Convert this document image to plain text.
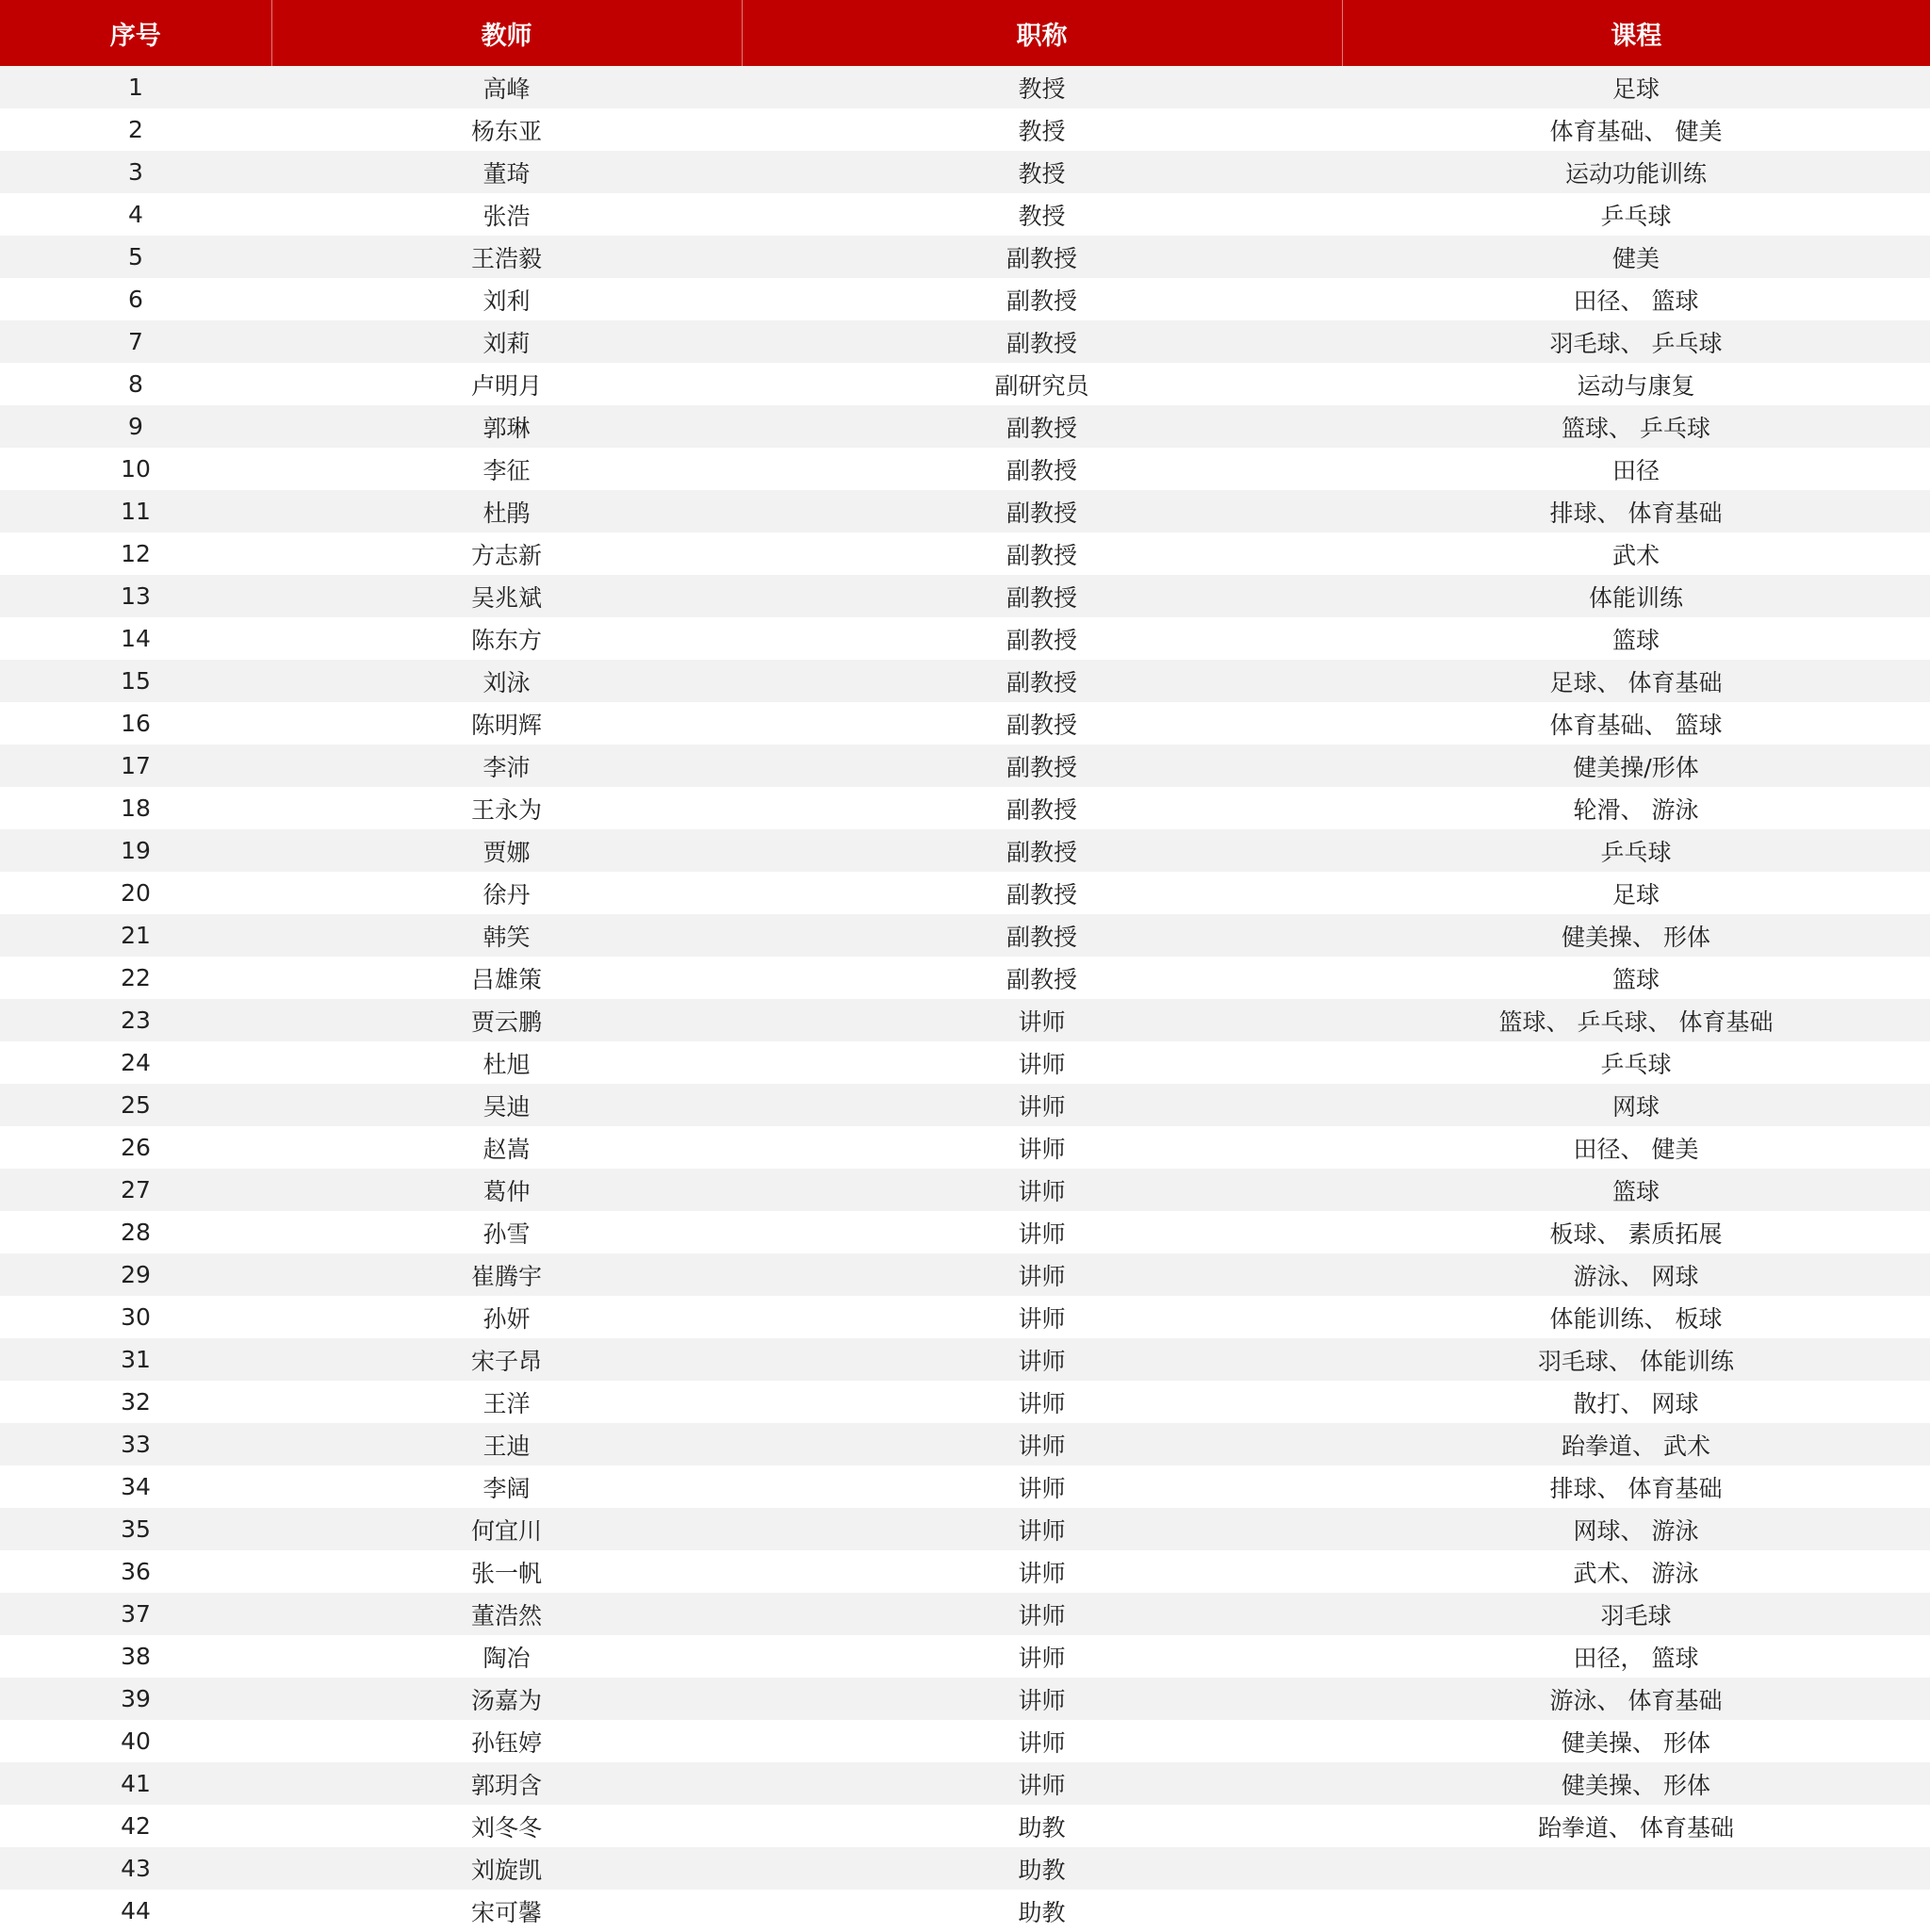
序号	教师	职称	课程
1	高峰	教授	足球
2	杨东亚	教授	体育基础、 健美
3	董琦	教授	运动功能训练
4	张浩	教授	乒乓球
5	王浩毅	副教授	健美
6	刘利	副教授	田径、 篮球
7	刘莉	副教授	羽毛球、 乒乓球
8	卢明月	副研究员	运动与康复
9	郭琳	副教授	篮球、 乒乓球
10	李征	副教授	田径
11	杜鹃	副教授	排球、 体育基础
12	方志新	副教授	武术
13	吴兆斌	副教授	体能训练
14	陈东方	副教授	篮球
15	刘泳	副教授	足球、 体育基础
16	陈明辉	副教授	体育基础、 篮球
17	李沛	副教授	健美操/形体
18	王永为	副教授	轮滑、 游泳
19	贾娜	副教授	乒乓球
20	徐丹	副教授	足球
21	韩笑	副教授	健美操、 形体
22	吕雄策	副教授	篮球
23	贾云鹏	讲师	篮球、 乒乓球、 体育基础
24	杜旭	讲师	乒乓球
25	吴迪	讲师	网球
26	赵嵩	讲师	田径、 健美
27	葛仲	讲师	篮球
28	孙雪	讲师	板球、 素质拓展
29	崔腾宇	讲师	游泳、 网球
30	孙妍	讲师	体能训练、 板球
31	宋子昂	讲师	羽毛球、 体能训练
32	王洋	讲师	散打、 网球
33	王迪	讲师	跆拳道、 武术
34	李阔	讲师	排球、 体育基础
35	何宜川	讲师	网球、 游泳
36	张一帆	讲师	武术、 游泳
37	董浩然	讲师	羽毛球
38	陶冶	讲师	田径， 篮球
39	汤嘉为	讲师	游泳、 体育基础
40	孙钰婷	讲师	健美操、 形体
41	郭玥含	讲师	健美操、 形体
42	刘冬冬	助教	跆拳道、 体育基础
43	刘旋凯	助教	
44	宋可馨	助教	
